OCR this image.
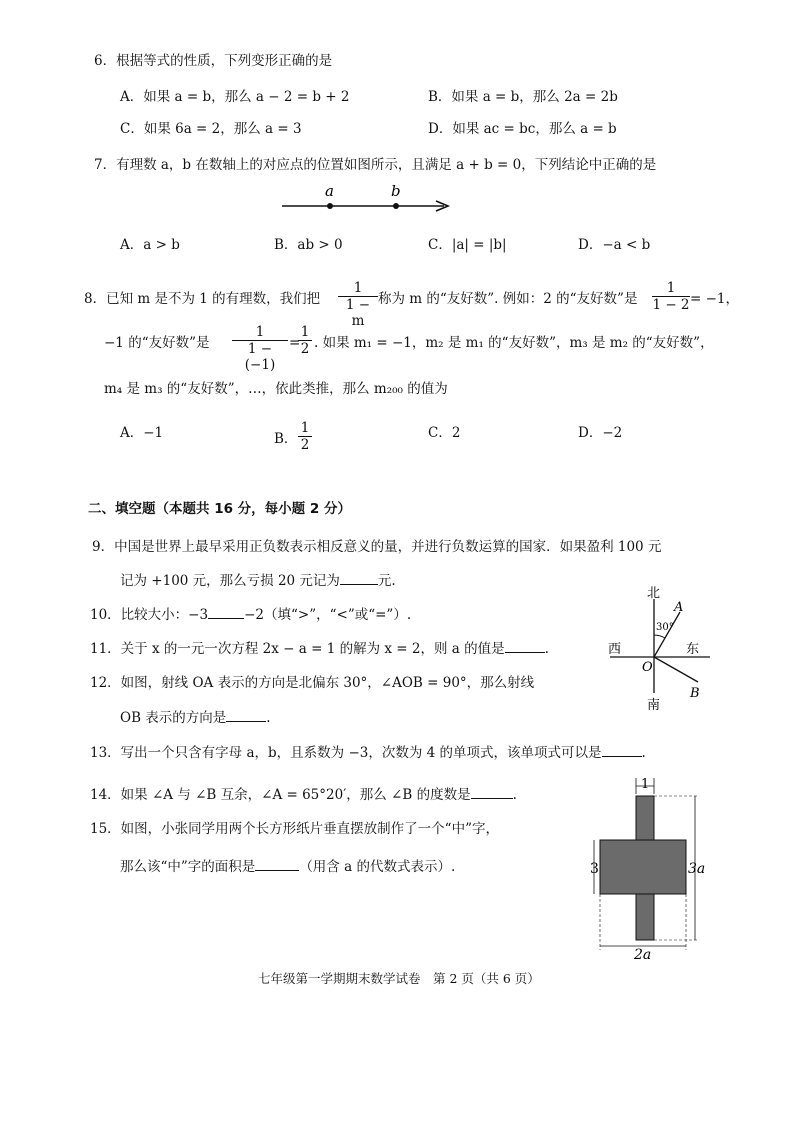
6．根据等式的性质，下列变形正确的是
A．如果 a = b，那么 a − 2 = b + 2	B．如果 a = b，那么 2a = 2b
C．如果 6a = 2，那么 a = 3	D．如果 ac = bc，那么 a = b
7．有理数 a，b 在数轴上的对应点的位置如图所示，且满足 a + b = 0，下列结论中正确的是
a	b
A．a > b	B．ab > 0	C．|a| = |b|	D．−a < b
8．已知 m 是不为 1 的有理数，我们把 $\frac{1}{1 - m}$ 称为 m 的“友好数”. 例如：2 的“友好数”是 $\frac{1}{1 - 2} = -1$，
−1 的“友好数”是 $\frac{1}{1 - (-1)}$ =
$\frac{1}{2}$ . 如果 m₁ = −1，m₂ 是 m₁ 的“友好数”，m₃ 是 m₂ 的“友好数”，
m₄ 是 m₃ 的“友好数”，…，依此类推，那么 m₂₀₀ 的值为
A．−1	B． $\frac{1}{2}$	C．2	D．−2
二、填空题（本题共 16 分，每小题 2 分）
9．中国是世界上最早采用正负数表示相反意义的量，并进行负数运算的国家．如果盈利 100 元
记为 +100 元，那么亏损 20 元记为	元.
10．比较大小：−3	−2（填“>”，“<”或“=”）.
11．关于 x 的一元一次方程 2x − a = 1 的解为 x = 2，则 a 的值是	.
12．如图，射线 OA 表示的方向是北偏东 30°，∠AOB = 90°，那么射线
OB 表示的方向是	.
北
南
西	东
30°
A
B
O
13．写出一个只含有字母 a，b，且系数为 −3，次数为 4 的单项式，该单项式可以是	.
14．如果 ∠A 与 ∠B 互余，∠A = 65°20′，那么 ∠B 的度数是	.
15．如图，小张同学用两个长方形纸片垂直摆放制作了一个“中”字，
那么该“中”字的面积是	（用含 a 的代数式表示）.
1
3a
3
2a
七年级第一学期期末数学试卷　第 2 页（共 6 页）
